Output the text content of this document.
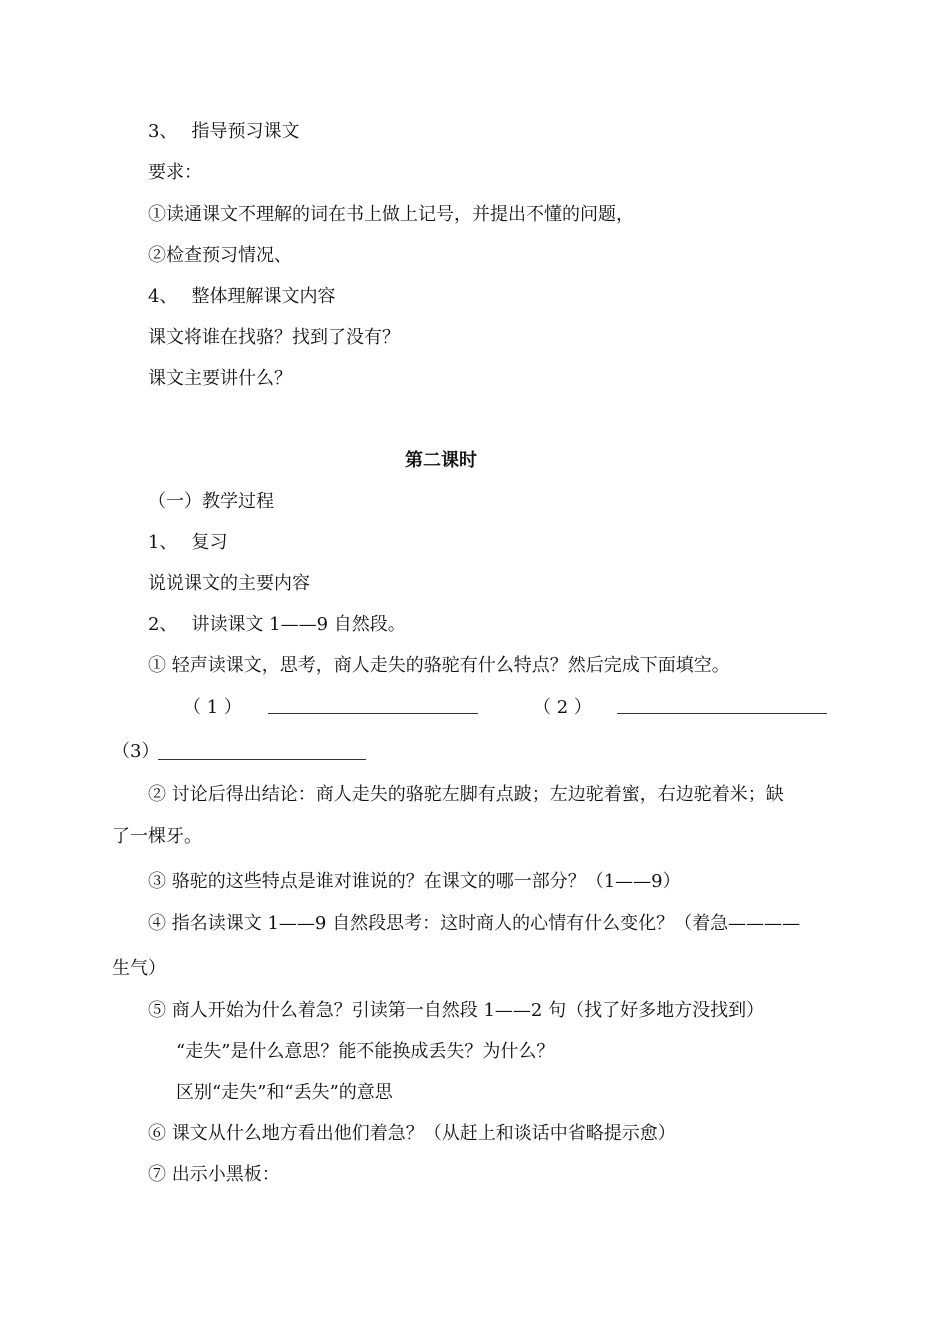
3、 指导预习课文
要求：
①读通课文不理解的词在书上做上记号，并提出不懂的问题，
②检查预习情况、
4、 整体理解课文内容
课文将谁在找骆？找到了没有？
课文主要讲什么？
第二课时
（一）教学过程
1、 复习
说说课文的主要内容
2、 讲读课文 1——9 自然段。
① 轻声读课文，思考，商人走失的骆驼有什么特点？然后完成下面填空。
（ 1 ）	（ 2 ）
（3）
② 讨论后得出结论：商人走失的骆驼左脚有点跛；左边驼着蜜，右边驼着米；缺
了一棵牙。
③ 骆驼的这些特点是谁对谁说的？在课文的哪一部分？（1——9）
④ 指名读课文 1——9 自然段思考：这时商人的心情有什么变化？（着急————
生气）
⑤ 商人开始为什么着急？引读第一自然段 1——2 句（找了好多地方没找到）
“走失”是什么意思？能不能换成丢失？为什么？
区别“走失”和“丢失”的意思
⑥ 课文从什么地方看出他们着急？（从赶上和谈话中省略提示愈）
⑦ 出示小黑板：
